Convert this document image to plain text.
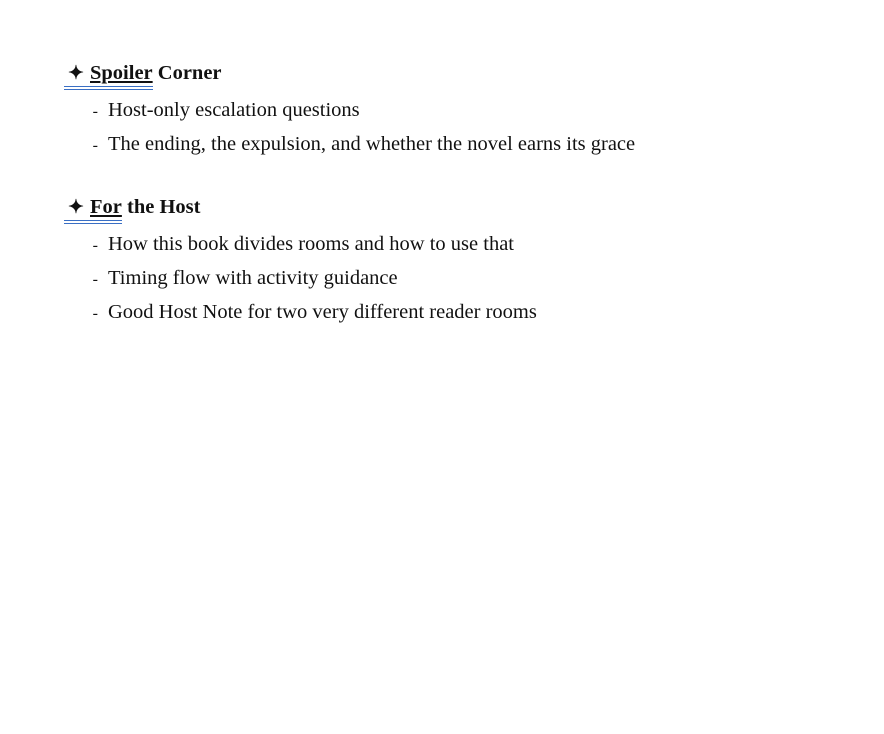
✦ Spoiler Corner
- Host-only escalation questions
- The ending, the expulsion, and whether the novel earns its grace
✦ For the Host
- How this book divides rooms and how to use that
- Timing flow with activity guidance
- Good Host Note for two very different reader rooms
